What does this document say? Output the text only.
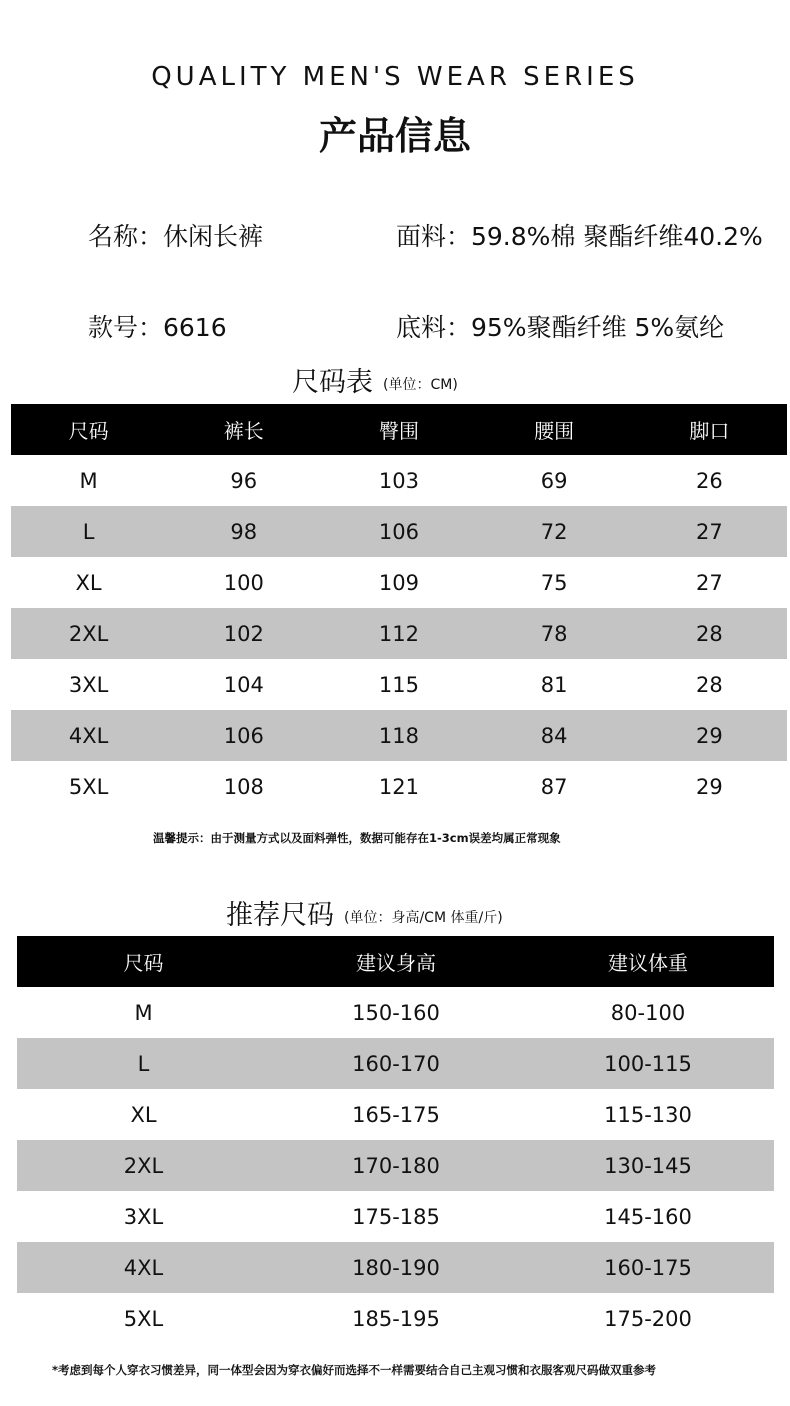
QUALITY MEN'S WEAR SERIES
产品信息
名称：休闲长裤	面料：59.8%棉 聚酯纤维40.2%
款号：6616	底料：95%聚酯纤维 5%氨纶
尺码表 (单位：CM)
尺码	裤长	臀围	腰围	脚口
M	96	103	69	26
L	98	106	72	27
XL	100	109	75	27
2XL	102	112	78	28
3XL	104	115	81	28
4XL	106	118	84	29
5XL	108	121	87	29
温馨提示：由于测量方式以及面料弹性，数据可能存在1-3cm误差均属正常现象
推荐尺码 (单位：身高/CM 体重/斤)
尺码	建议身高	建议体重
M	150-160	80-100
L	160-170	100-115
XL	165-175	115-130
2XL	170-180	130-145
3XL	175-185	145-160
4XL	180-190	160-175
5XL	185-195	175-200
*考虑到每个人穿衣习惯差异，同一体型会因为穿衣偏好而选择不一样需要结合自己主观习惯和衣服客观尺码做双重参考
